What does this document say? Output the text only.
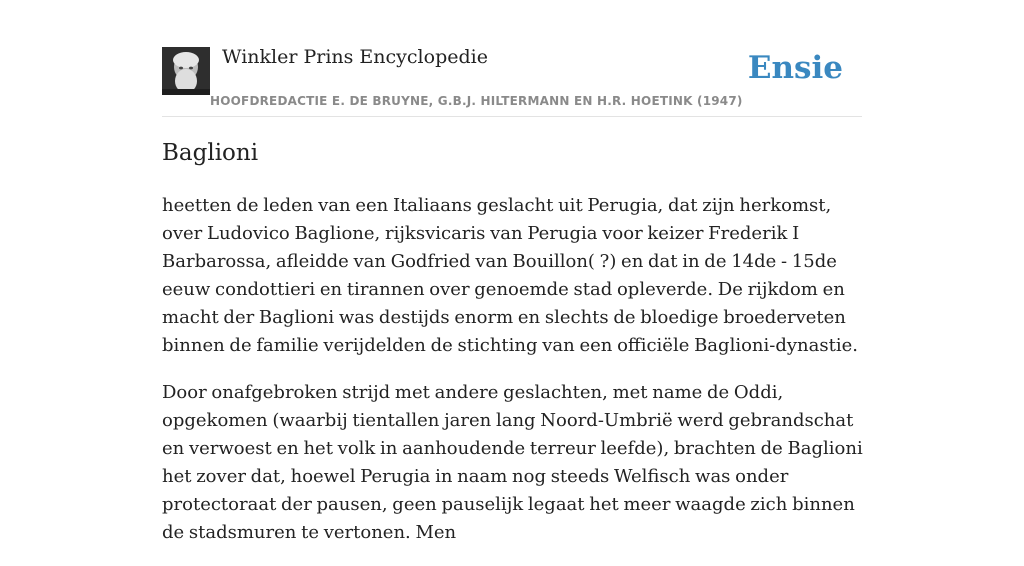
Winkler Prins Encyclopedie
HOOFDREDACTIE E. DE BRUYNE, G.B.J. HILTERMANN EN H.R. HOETINK (1947)
Ensie
Baglioni

heetten de leden van een Italiaans geslacht uit Perugia, dat zijn herkomst, over Ludovico Baglione, rijksvicaris van Perugia voor keizer Frederik I Barbarossa, afleidde van Godfried van Bouillon( ?) en dat in de 14de - 15de eeuw condottieri en tirannen over genoemde stad opleverde. De rijkdom en macht der Baglioni was destijds enorm en slechts de bloedige broederveten binnen de familie verijdelden de stichting van een officiële Baglioni-dynastie.

Door onafgebroken strijd met andere geslachten, met name de Oddi, opgekomen (waarbij tientallen jaren lang Noord-Umbrië werd gebrandschat en verwoest en het volk in aanhoudende terreur leefde), brachten de Baglioni het zover dat, hoewel Perugia in naam nog steeds Welfisch was onder protectoraat der pausen, geen pauselijk legaat het meer waagde zich binnen de stadsmuren te vertonen. Men
